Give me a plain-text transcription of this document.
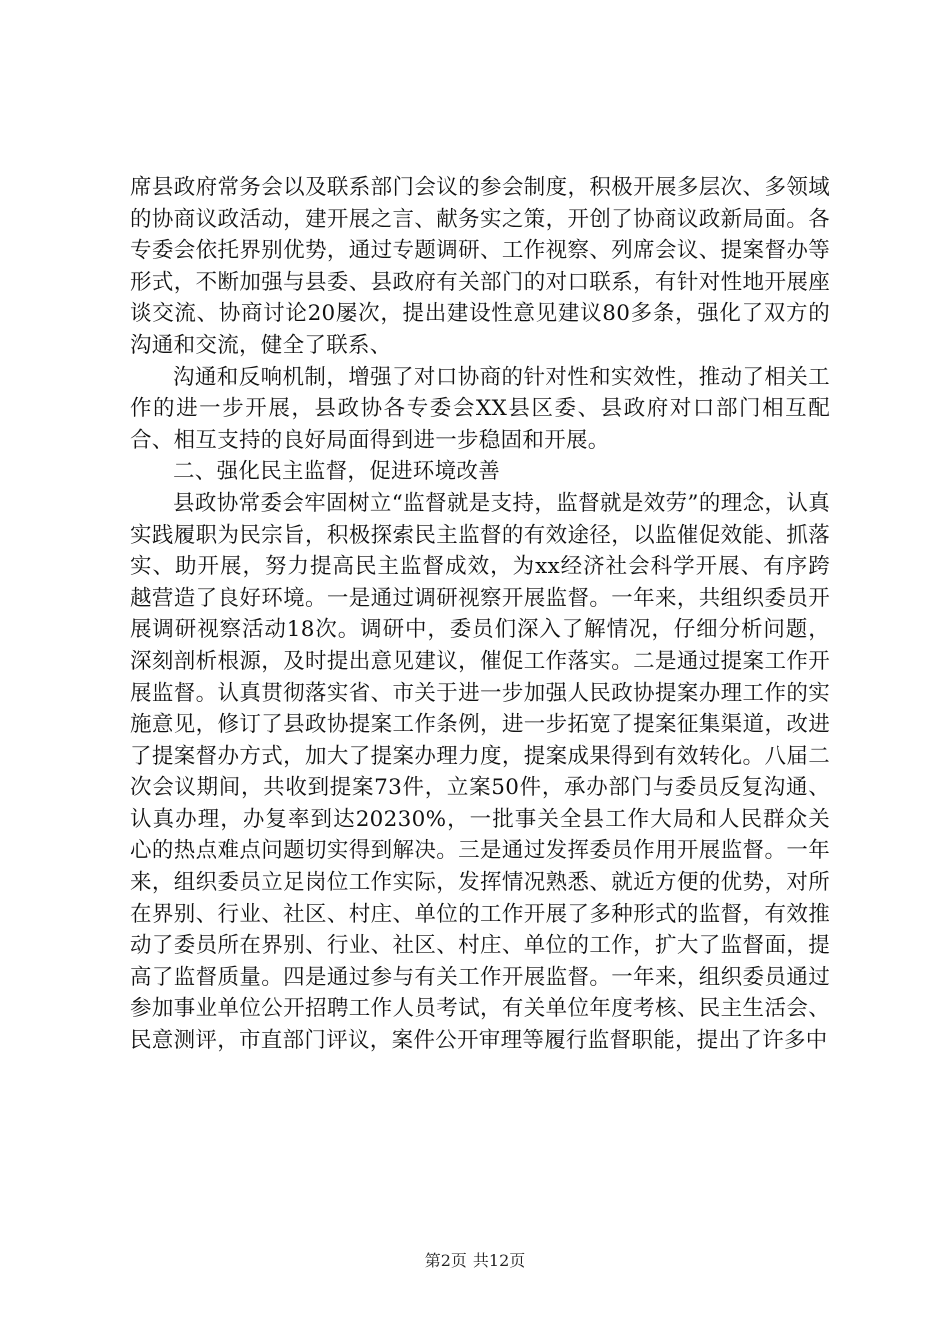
席县政府常务会以及联系部门会议的参会制度，积极开展多层次、多领域的协商议政活动，建开展之言、献务实之策，开创了协商议政新局面。各专委会依托界别优势，通过专题调研、工作视察、列席会议、提案督办等形式，不断加强与县委、县政府有关部门的对口联系，有针对性地开展座谈交流、协商讨论20屡次，提出建设性意见建议80多条，强化了双方的沟通和交流，健全了联系、

沟通和反响机制，增强了对口协商的针对性和实效性，推动了相关工作的进一步开展，县政协各专委会XX县区委、县政府对口部门相互配合、相互支持的良好局面得到进一步稳固和开展。

二、强化民主监督，促进环境改善

县政协常委会牢固树立“监督就是支持，监督就是效劳”的理念，认真实践履职为民宗旨，积极探索民主监督的有效途径，以监催促效能、抓落实、助开展，努力提高民主监督成效，为xx经济社会科学开展、有序跨越营造了良好环境。一是通过调研视察开展监督。一年来，共组织委员开展调研视察活动18次。调研中，委员们深入了解情况，仔细分析问题，深刻剖析根源，及时提出意见建议，催促工作落实。二是通过提案工作开展监督。认真贯彻落实省、市关于进一步加强人民政协提案办理工作的实施意见，修订了县政协提案工作条例，进一步拓宽了提案征集渠道，改进了提案督办方式，加大了提案办理力度，提案成果得到有效转化。八届二次会议期间，共收到提案73件，立案50件，承办部门与委员反复沟通、认真办理，办复率到达20230%，一批事关全县工作大局和人民群众关心的热点难点问题切实得到解决。三是通过发挥委员作用开展监督。一年来，组织委员立足岗位工作实际，发挥情况熟悉、就近方便的优势，对所在界别、行业、社区、村庄、单位的工作开展了多种形式的监督，有效推动了委员所在界别、行业、社区、村庄、单位的工作，扩大了监督面，提高了监督质量。四是通过参与有关工作开展监督。一年来，组织委员通过参加事业单位公开招聘工作人员考试，有关单位年度考核、民主生活会、民意测评，市直部门评议，案件公开审理等履行监督职能，提出了许多中

第2页 共12页
